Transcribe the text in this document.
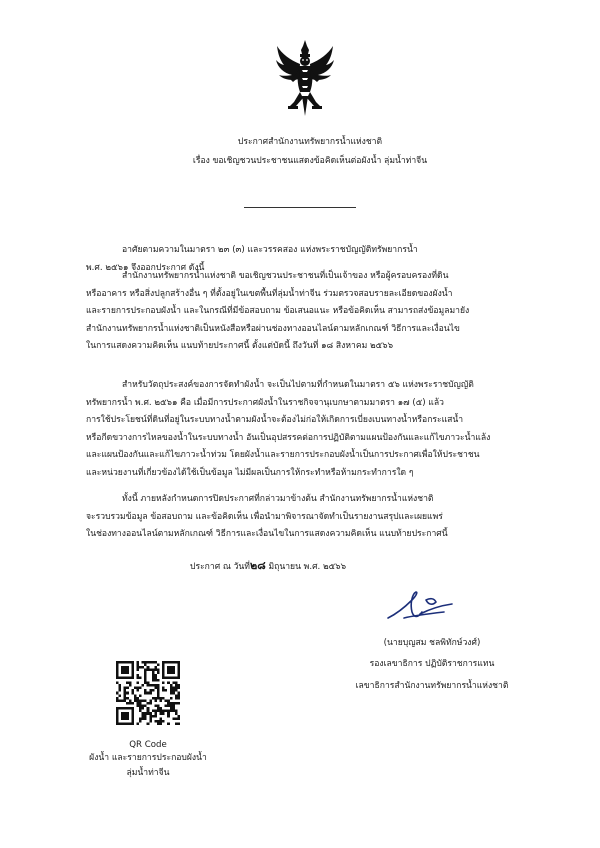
ประกาศสำนักงานทรัพยากรน้ำแห่งชาติ
เรื่อง ขอเชิญชวนประชาชนแสดงข้อคิดเห็นต่อผังน้ำ ลุ่มน้ำท่าจีน
อาศัยตามความในมาตรา ๒๓ (๓) และวรรคสอง แห่งพระราชบัญญัติทรัพยากรน้ำ
พ.ศ. ๒๕๖๑ จึงออกประกาศ ดังนี้
สำนักงานทรัพยากรน้ำแห่งชาติ ขอเชิญชวนประชาชนที่เป็นเจ้าของ หรือผู้ครอบครองที่ดิน
หรืออาคาร หรือสิ่งปลูกสร้างอื่น ๆ ที่ตั้งอยู่ในเขตพื้นที่ลุ่มน้ำท่าจีน ร่วมตรวจสอบรายละเอียดของผังน้ำ
และรายการประกอบผังน้ำ และในกรณีที่มีข้อสอบถาม ข้อเสนอแนะ หรือข้อคิดเห็น สามารถส่งข้อมูลมายัง
สำนักงานทรัพยากรน้ำแห่งชาติเป็นหนังสือหรือผ่านช่องทางออนไลน์ตามหลักเกณฑ์ วิธีการและเงื่อนไข
ในการแสดงความคิดเห็น แนบท้ายประกาศนี้ ตั้งแต่บัดนี้ ถึงวันที่ ๑๘ สิงหาคม ๒๕๖๖
สำหรับวัตถุประสงค์ของการจัดทำผังน้ำ จะเป็นไปตามที่กำหนดในมาตรา ๕๖ แห่งพระราชบัญญัติ
ทรัพยากรน้ำ พ.ศ. ๒๕๖๑ คือ เมื่อมีการประกาศผังน้ำในราชกิจจานุเบกษาตามมาตรา ๑๗ (๕) แล้ว
การใช้ประโยชน์ที่ดินที่อยู่ในระบบทางน้ำตามผังน้ำจะต้องไม่ก่อให้เกิดการเบี่ยงเบนทางน้ำหรือกระแสน้ำ
หรือกีดขวางการไหลของน้ำในระบบทางน้ำ อันเป็นอุปสรรคต่อการปฏิบัติตามแผนป้องกันและแก้ไขภาวะน้ำแล้ง
และแผนป้องกันและแก้ไขภาวะน้ำท่วม โดยผังน้ำและรายการประกอบผังน้ำเป็นการประกาศเพื่อให้ประชาชน
และหน่วยงานที่เกี่ยวข้องได้ใช้เป็นข้อมูล ไม่มีผลเป็นการให้กระทำหรือห้ามกระทำการใด ๆ
ทั้งนี้ ภายหลังกำหนดการปิดประกาศที่กล่าวมาข้างต้น สำนักงานทรัพยากรน้ำแห่งชาติ
จะรวบรวมข้อมูล ข้อสอบถาม และข้อคิดเห็น เพื่อนำมาพิจารณาจัดทำเป็นรายงานสรุปและเผยแพร่
ในช่องทางออนไลน์ตามหลักเกณฑ์ วิธีการและเงื่อนไขในการแสดงความคิดเห็น แนบท้ายประกาศนี้
ประกาศ ณ วันที่๒๘ มิถุนายน พ.ศ. ๒๕๖๖
(นายบุญสม ชลพิทักษ์วงศ์)
รองเลขาธิการ ปฏิบัติราชการแทน
เลขาธิการสำนักงานทรัพยากรน้ำแห่งชาติ
QR Code
ผังน้ำ และรายการประกอบผังน้ำ
ลุ่มน้ำท่าจีน
